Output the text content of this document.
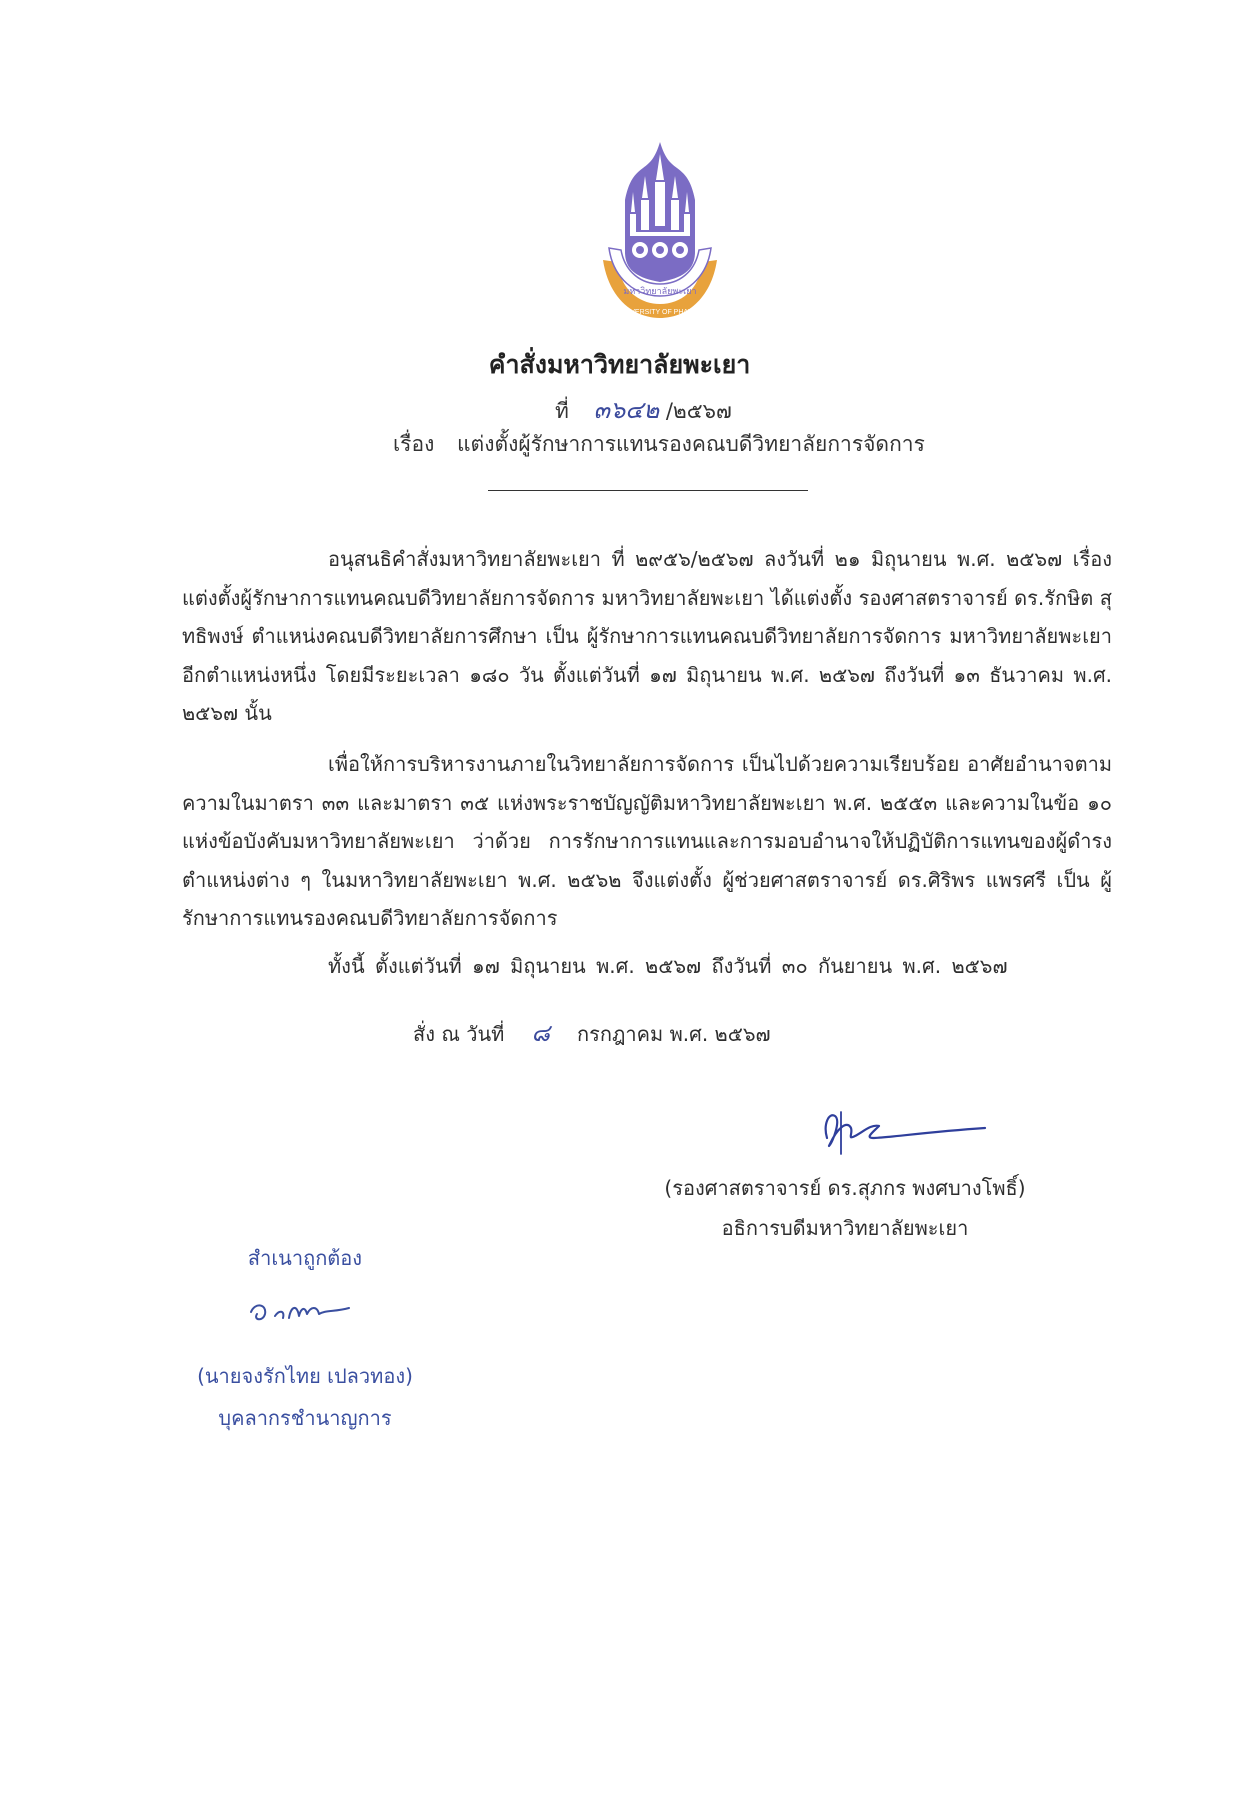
มหาวิทยาลัยพะเยา
UNIVERSITY OF PHAYAO
คำสั่งมหาวิทยาลัยพะเยา
ที่ ๓๖๔๒ /๒๕๖๗
เรื่อง แต่งตั้งผู้รักษาการแทนรองคณบดีวิทยาลัยการจัดการ
อนุสนธิคำสั่งมหาวิทยาลัยพะเยา ที่ ๒๙๕๖/๒๕๖๗ ลงวันที่ ๒๑ มิถุนายน พ.ศ. ๒๕๖๗ เรื่อง แต่งตั้งผู้รักษาการแทนคณบดีวิทยาลัยการจัดการ มหาวิทยาลัยพะเยา ได้แต่งตั้ง รองศาสตราจารย์ ดร.รักษิต สุทธิพงษ์ ตำแหน่งคณบดีวิทยาลัยการศึกษา เป็น ผู้รักษาการแทนคณบดีวิทยาลัยการจัดการ มหาวิทยาลัยพะเยา อีกตำแหน่งหนึ่ง โดยมีระยะเวลา ๑๘๐ วัน ตั้งแต่วันที่ ๑๗ มิถุนายน พ.ศ. ๒๕๖๗ ถึงวันที่ ๑๓ ธันวาคม พ.ศ. ๒๕๖๗ นั้น
เพื่อให้การบริหารงานภายในวิทยาลัยการจัดการ เป็นไปด้วยความเรียบร้อย อาศัยอำนาจตามความในมาตรา ๓๓ และมาตรา ๓๕ แห่งพระราชบัญญัติมหาวิทยาลัยพะเยา พ.ศ. ๒๕๕๓ และความในข้อ ๑๐ แห่งข้อบังคับมหาวิทยาลัยพะเยา ว่าด้วย การรักษาการแทนและการมอบอำนาจให้ปฏิบัติการแทนของผู้ดำรงตำแหน่งต่าง ๆ ในมหาวิทยาลัยพะเยา พ.ศ. ๒๕๖๒ จึงแต่งตั้ง ผู้ช่วยศาสตราจารย์ ดร.ศิริพร แพรศรี เป็น ผู้รักษาการแทนรองคณบดีวิทยาลัยการจัดการ
ทั้งนี้ ตั้งแต่วันที่ ๑๗ มิถุนายน พ.ศ. ๒๕๖๗ ถึงวันที่ ๓๐ กันยายน พ.ศ. ๒๕๖๗
สั่ง ณ วันที่ ๘ กรกฎาคม พ.ศ. ๒๕๖๗
(รองศาสตราจารย์ ดร.สุภกร พงศบางโพธิ์)
อธิการบดีมหาวิทยาลัยพะเยา
สำเนาถูกต้อง
(นายจงรักไทย เปลวทอง)
บุคลากรชำนาญการ
